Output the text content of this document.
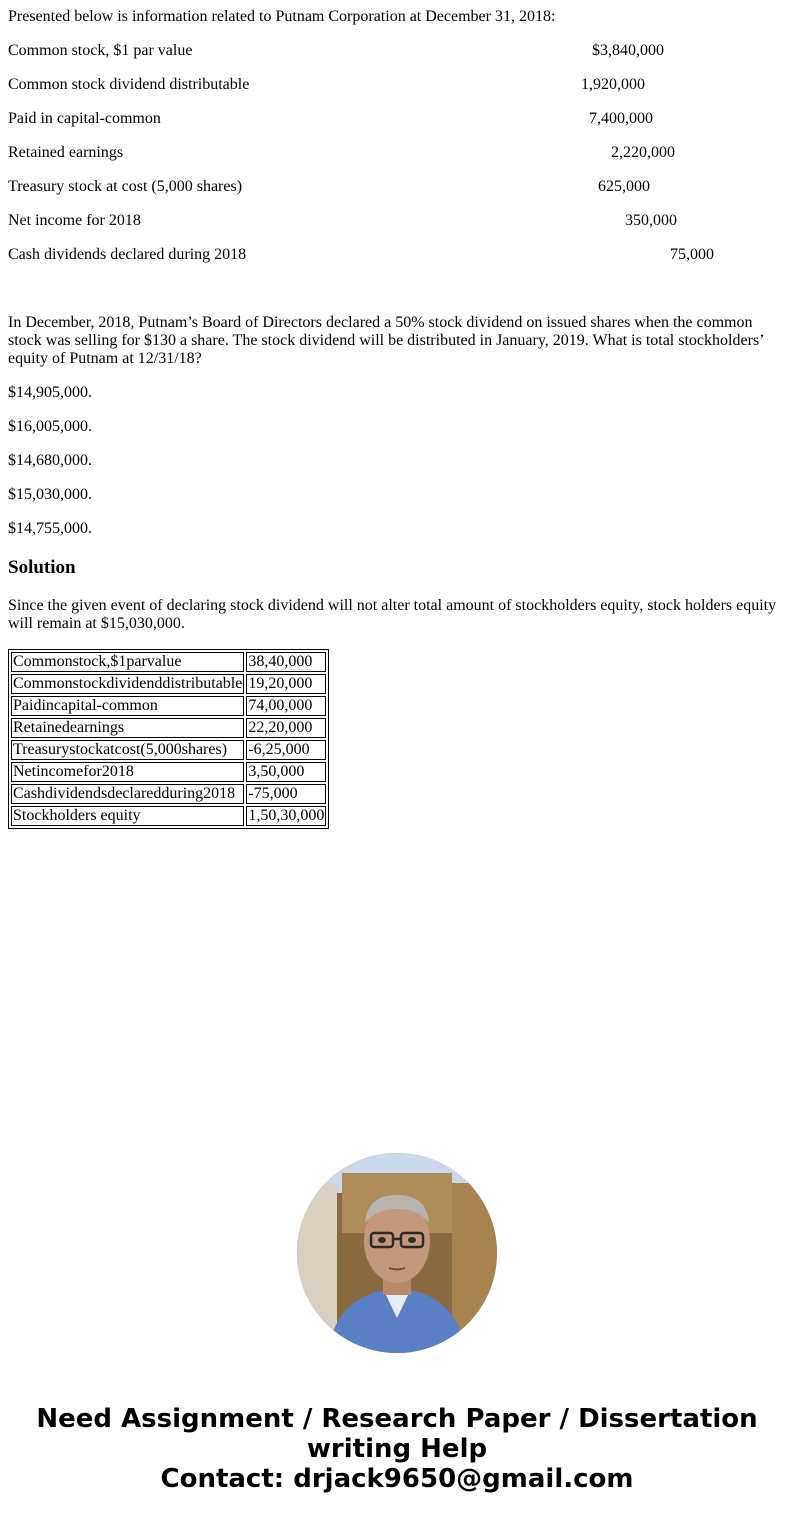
Presented below is information related to Putnam Corporation at December 31, 2018:
Common stock, $1 par value	$3,840,000
Common stock dividend distributable	1,920,000
Paid in capital-common	7,400,000
Retained earnings	2,220,000
Treasury stock at cost (5,000 shares)	625,000
Net income for 2018	350,000
Cash dividends declared during 2018	75,000
In December, 2018, Putnam’s Board of Directors declared a 50% stock dividend on issued shares when the common stock was selling for $130 a share. The stock dividend will be distributed in January, 2019. What is total stockholders’ equity of Putnam at 12/31/18?
$14,905,000.
$16,005,000.
$14,680,000.
$15,030,000.
$14,755,000.
Solution
Since the given event of declaring stock dividend will not alter total amount of stockholders equity, stock holders equity will remain at $15,030,000.
Commonstock,$1parvalue	38,40,000
Commonstockdividenddistributable	19,20,000
Paidincapital-common	74,00,000
Retainedearnings	22,20,000
Treasurystockatcost(5,000shares)	-6,25,000
Netincomefor2018	3,50,000
Cashdividendsdeclaredduring2018	-75,000
Stockholders equity	1,50,30,000
Need Assignment / Research Paper / Dissertation
writing Help
Contact: drjack9650@gmail.com
